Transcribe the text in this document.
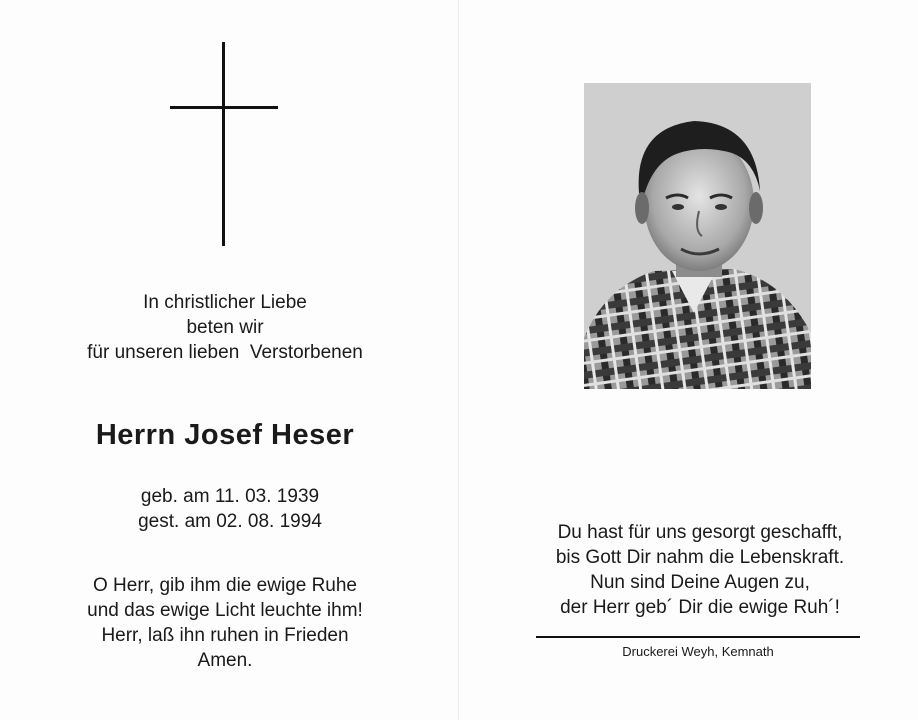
In christlicher Liebe
beten wir
für unseren lieben  Verstorbenen
Herrn Josef Heser
geb. am 11. 03. 1939
gest. am 02. 08. 1994
O Herr, gib ihm die ewige Ruhe
und das ewige Licht leuchte ihm!
Herr, laß ihn ruhen in Frieden
Amen.
Du hast für uns gesorgt geschafft,
bis Gott Dir nahm die Lebenskraft.
Nun sind Deine Augen zu,
der Herr geb´ Dir die ewige Ruh´!
Druckerei Weyh, Kemnath
